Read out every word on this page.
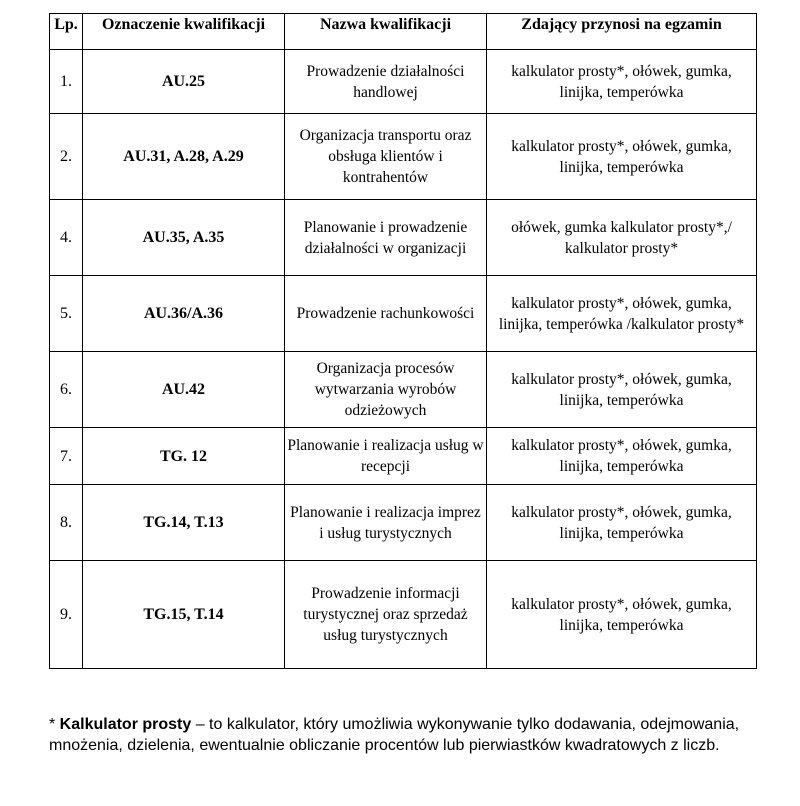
Lp.	Oznaczenie kwalifikacji	Nazwa kwalifikacji	Zdający przynosi na egzamin
1.	AU.25	Prowadzenie działalności handlowej	kalkulator prosty*, ołówek, gumka, linijka, temperówka
2.	AU.31, A.28, A.29	Organizacja transportu oraz obsługa klientów i kontrahentów	kalkulator prosty*, ołówek, gumka, linijka, temperówka
4.	AU.35, A.35	Planowanie i prowadzenie działalności w organizacji	ołówek, gumka kalkulator prosty*,/ kalkulator prosty*
5.	AU.36/A.36	Prowadzenie rachunkowości	kalkulator prosty*, ołówek, gumka, linijka, temperówka /kalkulator prosty*
6.	AU.42	Organizacja procesów wytwarzania wyrobów odzieżowych	kalkulator prosty*, ołówek, gumka, linijka, temperówka
7.	TG. 12	Planowanie i realizacja usług w recepcji	kalkulator prosty*, ołówek, gumka, linijka, temperówka
8.	TG.14, T.13	Planowanie i realizacja imprez i usług turystycznych	kalkulator prosty*, ołówek, gumka, linijka, temperówka
9.	TG.15, T.14	Prowadzenie informacji turystycznej oraz sprzedaż usług turystycznych	kalkulator prosty*, ołówek, gumka, linijka, temperówka
* Kalkulator prosty – to kalkulator, który umożliwia wykonywanie tylko dodawania, odejmowania, mnożenia, dzielenia, ewentualnie obliczanie procentów lub pierwiastków kwadratowych z liczb.
